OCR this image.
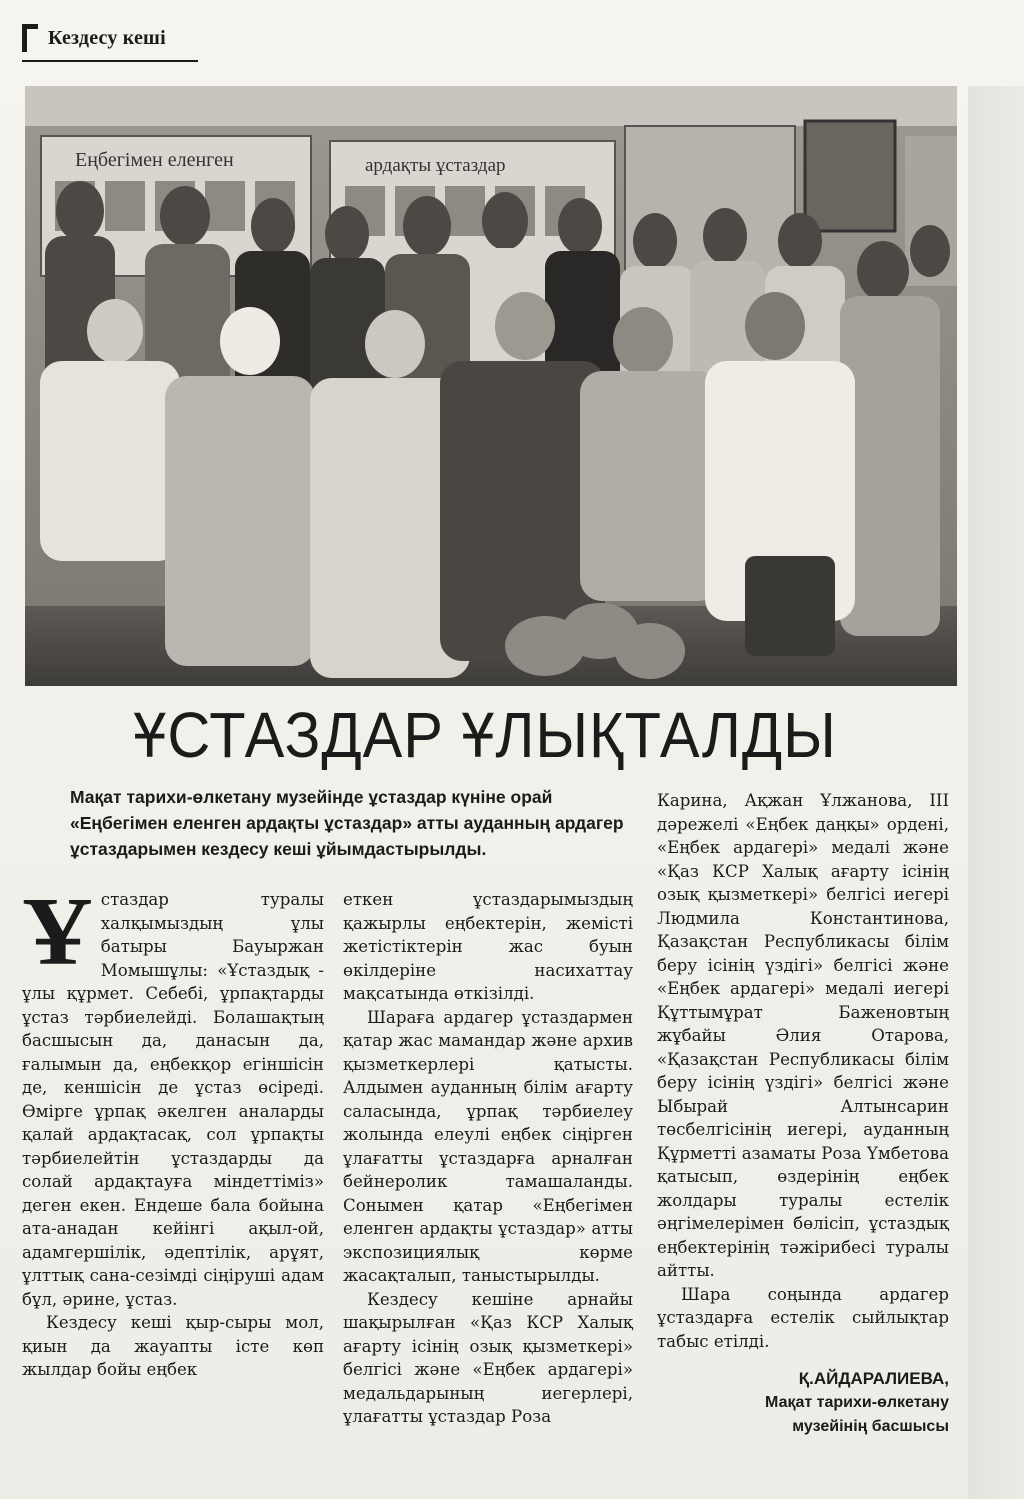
Кездесу кеші
Еңбегімен еленген	ардақты ұстаздар
ҰСТАЗДАР ҰЛЫҚТАЛДЫ
Мақат тарихи-өлкетану музейінде ұстаздар күніне орай «Еңбегімен еленген ардақты ұстаздар» атты ауданның ардагер ұстаздарымен кездесу кеші ұйымдастырылды.

Ұстаздар туралы халқымыздың ұлы батыры Бауыржан Момышұлы: «Ұстаздық - ұлы құрмет. Себебі, ұрпақтарды ұстаз тәрбиелейді. Болашақтың басшысын да, данасын да, ғалымын да, еңбекқор егіншісін де, кеншісін де ұстаз өсіреді. Өмірге ұрпақ әкелген аналарды қалай ардақтасақ, сол ұрпақты тәрбиелейтін ұстаздарды да солай ардақтауға міндеттіміз» деген екен. Ендеше бала бойына ата-анадан кейінгі ақыл-ой, адамгершілік, әдептілік, арұят, ұлттық сана-сезімді сіңіруші адам бұл, әрине, ұстаз.

Кездесу кеші қыр-сыры мол, қиын да жауапты істе көп жылдар бойы еңбек

еткен ұстаздарымыздың қажырлы еңбектерін, жемісті жетістіктерін жас буын өкілдеріне насихаттау мақсатында өткізілді.

Шараға ардагер ұстаздармен қатар жас мамандар және архив қызметкерлері қатысты. Алдымен ауданның білім ағарту саласында, ұрпақ тәрбиелеу жолында елеулі еңбек сіңірген ұлағатты ұстаздарға арналған бейнеролик тамашаланды. Сонымен қатар «Еңбегімен еленген ардақты ұстаздар» атты экспозициялық көрме жасақталып, таныстырылды.

Кездесу кешіне арнайы шақырылған «Қаз КСР Халық ағарту ісінің озық қызметкері» белгісі және «Еңбек ардагері» медальдарының иегерлері, ұлағатты ұстаздар Роза

Карина, Ақжан Ұлжанова, ІІІ дәрежелі «Еңбек даңқы» ордені, «Еңбек ардагері» медалі және «Қаз КСР Халық ағарту ісінің озық қызметкері» белгісі иегері Людмила Константинова, Қазақстан Республикасы білім беру ісінің үздігі» белгісі және «Еңбек ардагері» медалі иегері Құттымұрат Баженовтың жұбайы Әлия Отарова, «Қазақстан Республикасы білім беру ісінің үздігі» белгісі және Ыбырай Алтынсарин төсбелгісінің иегері, ауданның Құрметті азаматы Роза Үмбетова қатысып, өздерінің еңбек жолдары туралы естелік әңгімелерімен бөлісіп, ұстаздық еңбектерінің тәжірибесі туралы айтты.

Шара соңында ардагер ұстаздарға естелік сыйлықтар табыс етілді.

Қ.АЙДАРАЛИЕВА,
Мақат тарихи-өлкетану
музейінің басшысы
